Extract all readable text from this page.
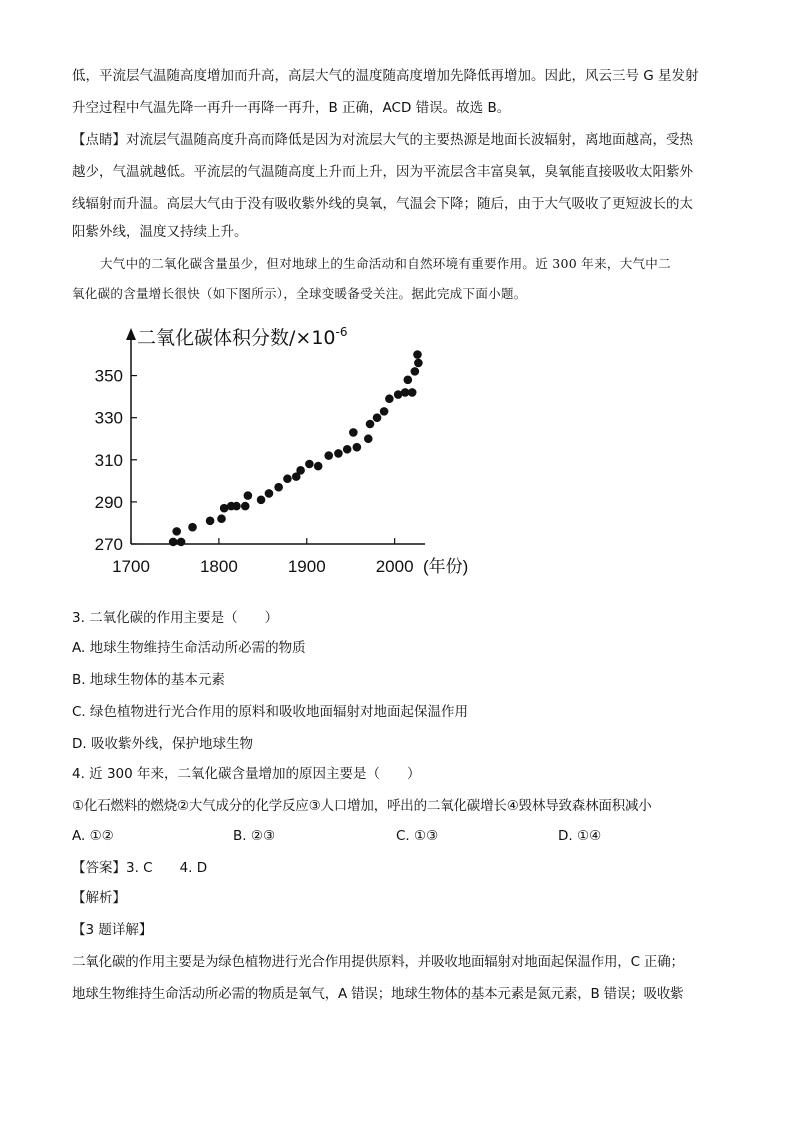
低，平流层气温随高度增加而升高，高层大气的温度随高度增加先降低再增加。因此，风云三号 G 星发射
升空过程中气温先降一再升一再降一再升，B 正确，ACD 错误。故选 B。
【点睛】对流层气温随高度升高而降低是因为对流层大气的主要热源是地面长波辐射，离地面越高，受热
越少，气温就越低。平流层的气温随高度上升而上升，因为平流层含丰富臭氧，臭氧能直接吸收太阳紫外
线辐射而升温。高层大气由于没有吸收紫外线的臭氧，气温会下降；随后，由于大气吸收了更短波长的太
阳紫外线，温度又持续上升。
大气中的二氧化碳含量虽少，但对地球上的生命活动和自然环境有重要作用。近 300 年来，大气中二
氧化碳的含量增长很快（如下图所示），全球变暖备受关注。据此完成下面小题。
二氧化碳体积分数$/\times 10^{-6}$
270
290
310
330
350
1700	1800	1900	2000 (年份)
3. 二氧化碳的作用主要是（　　）
A. 地球生物维持生命活动所必需的物质
B. 地球生物体的基本元素
C. 绿色植物进行光合作用的原料和吸收地面辐射对地面起保温作用
D. 吸收紫外线，保护地球生物
4. 近 300 年来，二氧化碳含量增加的原因主要是（　　）
①化石燃料的燃烧②大气成分的化学反应③人口增加，呼出的二氧化碳增长④毁林导致森林面积减小
A. ①②	B. ②③	C. ①③	D. ①④
【答案】3. C　　4. D
【解析】
【3 题详解】
二氧化碳的作用主要是为绿色植物进行光合作用提供原料，并吸收地面辐射对地面起保温作用，C 正确；
地球生物维持生命活动所必需的物质是氧气，A 错误；地球生物体的基本元素是氮元素，B 错误；吸收紫
